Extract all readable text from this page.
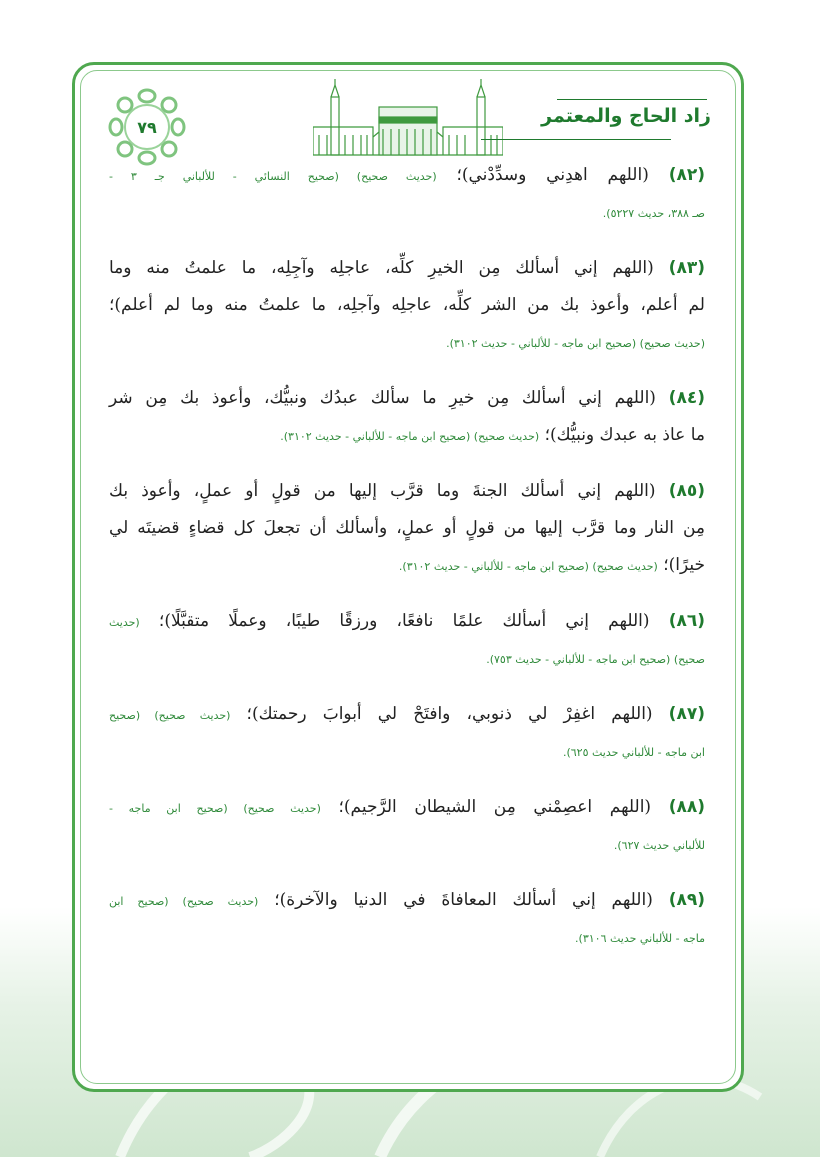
٧٩	زاد الحاج والمعتمر
(٨٢) (اللهم اهدِني وسدِّدْني)؛ (حديث صحيح) (صحيح النسائي - للألباني جـ ٣ -
صـ ٣٨٨، حديث ٥٢٢٧).
(٨٣) (اللهم إني أسألك مِن الخيرِ كلِّه، عاجلِه وآجِلِه، ما علمتُ منه وما
لم أعلم، وأعوذ بك من الشر كلِّه، عاجلِه وآجلِه، ما علمتُ منه وما لم أعلم)؛
(حديث صحيح) (صحيح ابن ماجه - للألباني - حديث ٣١٠٢).
(٨٤) (اللهم إني أسألك مِن خيرِ ما سألك عبدُك ونبيُّك، وأعوذ بك مِن شر
ما عاذ به عبدك ونبيُّك)؛ (حديث صحيح) (صحيح ابن ماجه - للألباني - حديث ٣١٠٢).
(٨٥) (اللهم إني أسألك الجنةَ وما قرَّب إليها من قولٍ أو عملٍ، وأعوذ بك
مِن النار وما قرَّب إليها من قولٍ أو عملٍ، وأسألك أن تجعلَ كل قضاءٍ قضيتَه لي
خيرًا)؛ (حديث صحيح) (صحيح ابن ماجه - للألباني - حديث ٣١٠٢).
(٨٦) (اللهم إني أسألك علمًا نافعًا، ورزقًا طيبًا، وعملًا متقبَّلًا)؛ (حديث
صحيح) (صحيح ابن ماجه - للألباني - حديث ٧٥٣).
(٨٧) (اللهم اغفِرْ لي ذنوبي، وافتَحْ لي أبوابَ رحمتك)؛ (حديث صحيح) (صحيح
ابن ماجه - للألباني حديث ٦٢٥).
(٨٨) (اللهم اعصِمْني مِن الشيطان الرَّجيم)؛ (حديث صحيح) (صحيح ابن ماجه -
للألباني حديث ٦٢٧).
(٨٩) (اللهم إني أسألك المعافاةَ في الدنيا والآخرة)؛ (حديث صحيح) (صحيح ابن
ماجه - للألباني حديث ٣١٠٦).
